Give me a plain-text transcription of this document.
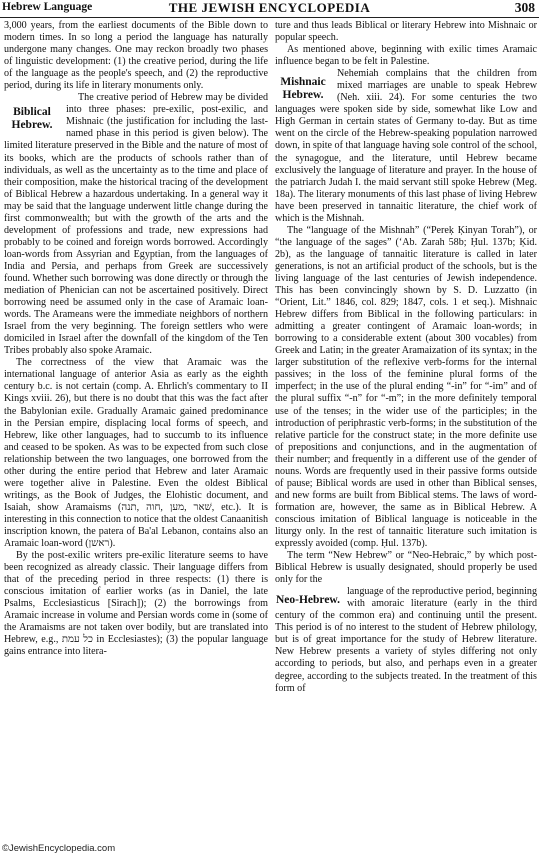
Hebrew Language	THE JEWISH ENCYCLOPEDIA	308

3,000 years, from the earliest documents of the Bible down to modern times. In so long a period the language has naturally undergone many changes. One may reckon broadly two phases of linguistic development: (1) the creative period, during the life of the language as the people's speech, and (2) the reproductive period, during its life in literary monuments only.

Biblical Hebrew.

The creative period of Hebrew may be divided into three phases: pre-exilic, post-exilic, and Mishnaic (the justification for including the last-named phase in this period is given below). The limited literature preserved in the Bible and the nature of most of its books, which are the products of schools rather than of individuals, as well as the uncertainty as to the time and place of their composition, make the historical tracing of the development of Biblical Hebrew a hazardous undertaking. In a general way it may be said that the language underwent little change during the first commonwealth; but with the growth of the arts and the development of professions and trade, new expressions had probably to be coined and foreign words borrowed. Accordingly loan-words from Assyrian and Egyptian, from the languages of India and Persia, and perhaps from Greek are successively found. Whether such borrowing was done directly or through the mediation of Phenician can not be ascertained positively. Direct borrowing need be assumed only in the case of Aramaic loan-words. The Arameans were the immediate neighbors of northern Israel from the very beginning. The foreign settlers who were domiciled in Israel after the downfall of the kingdom of the Ten Tribes probably also spoke Aramaic.

The correctness of the view that Aramaic was the international language of anterior Asia as early as the eighth century b.c. is not certain (comp. A. Ehrlich's commentary to II Kings xviii. 26), but there is no doubt that this was the fact after the Babylonian exile. Gradually Aramaic gained predominance in the Persian empire, displacing local forms of speech, and Hebrew, like other languages, had to succumb to its influence and ceased to be spoken. As was to be expected from such close relationship between the two languages, one borrowed from the other during the entire period that Hebrew and later Aramaic were together alive in Palestine. Even the oldest Biblical writings, as the Book of Judges, the Elohistic document, and Isaiah, show Aramaisms (שׁאר ,מען ,חוה ,תנה, etc.). It is interesting in this connection to notice that the oldest Canaanitish inscription known, the patera of Ba'al Lebanon, contains also an Aramaic loan-word (ראשן).

By the post-exilic writers pre-exilic literature seems to have been recognized as already classic. Their language differs from that of the preceding period in three respects: (1) there is conscious imitation of earlier works (as in Daniel, the late Psalms, Ecclesiasticus [Sirach]); (2) the borrowings from Aramaic increase in volume and Persian words come in (some of the Aramaisms are not taken over bodily, but are translated into Hebrew, e.g., כל עמת in Ecclesiastes); (3) the popular language gains entrance into litera-

ture and thus leads Biblical or literary Hebrew into Mishnaic or popular speech.

As mentioned above, beginning with exilic times Aramaic influence began to be felt in Palestine.

Mishnaic Hebrew.

Nehemiah complains that the children from mixed marriages are unable to speak Hebrew (Neh. xiii. 24). For some centuries the two languages were spoken side by side, somewhat like Low and High German in certain states of Germany to-day. But as time went on the circle of the Hebrew-speaking population narrowed down, in spite of that language having sole control of the school, the synagogue, and the literature, until Hebrew became exclusively the language of literature and prayer. In the house of the patriarch Judah I. the maid servant still spoke Hebrew (Meg. 18a). The literary monuments of this last phase of living Hebrew have been preserved in tannaitic literature, the chief work of which is the Mishnah.

The “language of the Mishnah” (“Pereḳ Ḳinyan Torah”), or “the language of the sages” (‘Ab. Zarah 58b; Ḥul. 137b; Ḳid. 2b), as the language of tannaitic literature is called in later generations, is not an artificial product of the schools, but is the living language of the last centuries of Jewish independence. This has been convincingly shown by S. D. Luzzatto (in “Orient, Lit.” 1846, col. 829; 1847, cols. 1 et seq.). Mishnaic Hebrew differs from Biblical in the following particulars: in admitting a greater contingent of Aramaic loan-words; in borrowing to a considerable extent (about 300 vocables) from Greek and Latin; in the greater Aramaization of its syntax; in the larger substitution of the reflexive verb-forms for the internal passives; in the loss of the feminine plural forms of the imperfect; in the use of the plural ending “-in” for “-im” and of the plural suffix “-n” for “-m”; in the more definitely temporal use of the tenses; in the wider use of the participles; in the introduction of periphrastic verb-forms; in the substitution of the relative particle for the construct state; in the more definite use of prepositions and conjunctions, and in the augmentation of their number; and frequently in a different use of the gender of nouns. Words are frequently used in their passive forms outside of pause; Biblical words are used in other than Biblical senses, and new forms are built from Biblical stems. The laws of word-formation are, however, the same as in Biblical Hebrew. A conscious imitation of Biblical language is noticeable in the liturgy only. In the rest of tannaitic literature such imitation is expressly avoided (comp. Ḥul. 137b).

The term “New Hebrew” or “Neo-Hebraic,” by which post-Biblical Hebrew is usually designated, should properly be used only for the

Neo-Hebrew.

language of the reproductive period, beginning with amoraic literature (early in the third century of the common era) and continuing until the present. This period is of no interest to the student of Hebrew philology, but is of great importance for the study of Hebrew literature. New Hebrew presents a variety of styles differing not only according to periods, but also, and perhaps even in a greater degree, according to the subjects treated. In the treatment of this form of

©JewishEncyclopedia.com
